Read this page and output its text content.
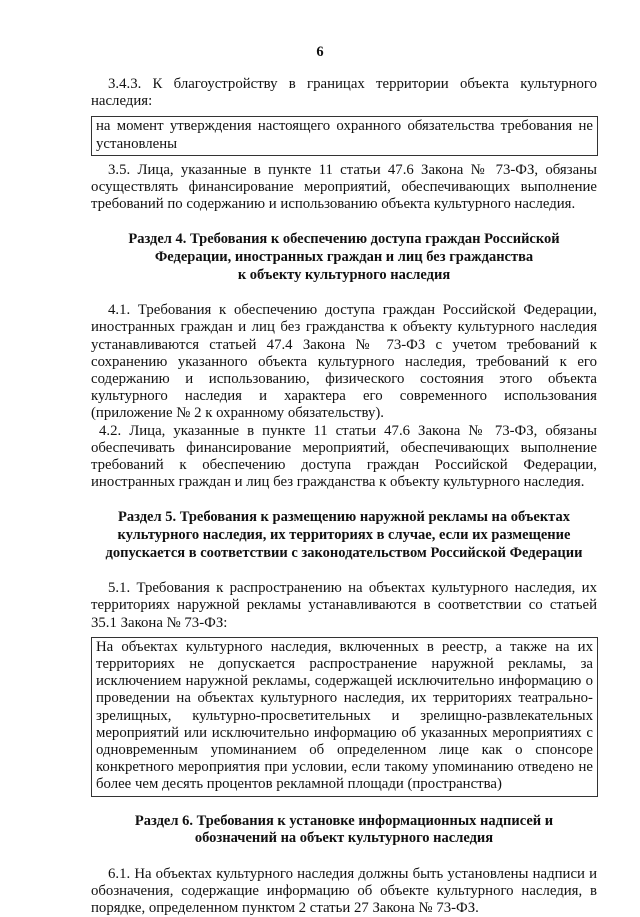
6

3.4.3. К благоустройству в границах территории объекта культурного наследия:

на момент утверждения настоящего охранного обязательства требования не установлены

3.5. Лица, указанные в пункте 11 статьи 47.6 Закона № 73-ФЗ, обязаны осуществлять финансирование мероприятий, обеспечивающих выполнение требований по содержанию и использованию объекта культурного наследия.

Раздел 4. Требования к обеспечению доступа граждан Российской
Федерации, иностранных граждан и лиц без гражданства
к объекту культурного наследия

4.1. Требования к обеспечению доступа граждан Российской Федерации, иностранных граждан и лиц без гражданства к объекту культурного наследия устанавливаются статьей 47.4 Закона № 73-ФЗ с учетом требований к сохранению указанного объекта культурного наследия, требований к его содержанию и использованию, физического состояния этого объекта культурного наследия и характера его современного использования (приложение № 2 к охранному обязательству).

4.2. Лица, указанные в пункте 11 статьи 47.6 Закона № 73-ФЗ, обязаны обеспечивать финансирование мероприятий, обеспечивающих выполнение требований к обеспечению доступа граждан Российской Федерации, иностранных граждан и лиц без гражданства к объекту культурного наследия.

Раздел 5. Требования к размещению наружной рекламы на объектах
культурного наследия, их территориях в случае, если их размещение
допускается в соответствии с законодательством Российской Федерации

5.1. Требования к распространению на объектах культурного наследия, их территориях наружной рекламы устанавливаются в соответствии со статьей 35.1 Закона № 73-ФЗ:

На объектах культурного наследия, включенных в реестр, а также на их территориях не допускается распространение наружной рекламы, за исключением наружной рекламы, содержащей исключительно информацию о проведении на объектах культурного наследия, их территориях театрально-зрелищных, культурно-просветительных и зрелищно-развлекательных мероприятий или исключительно информацию об указанных мероприятиях с одновременным упоминанием об определенном лице как о спонсоре конкретного мероприятия при условии, если такому упоминанию отведено не более чем десять процентов рекламной площади (пространства)
Раздел 6. Требования к установке информационных надписей и
обозначений на объект культурного наследия

6.1. На объектах культурного наследия должны быть установлены надписи и обозначения, содержащие информацию об объекте культурного наследия, в порядке, определенном пунктом 2 статьи 27 Закона № 73-ФЗ.
